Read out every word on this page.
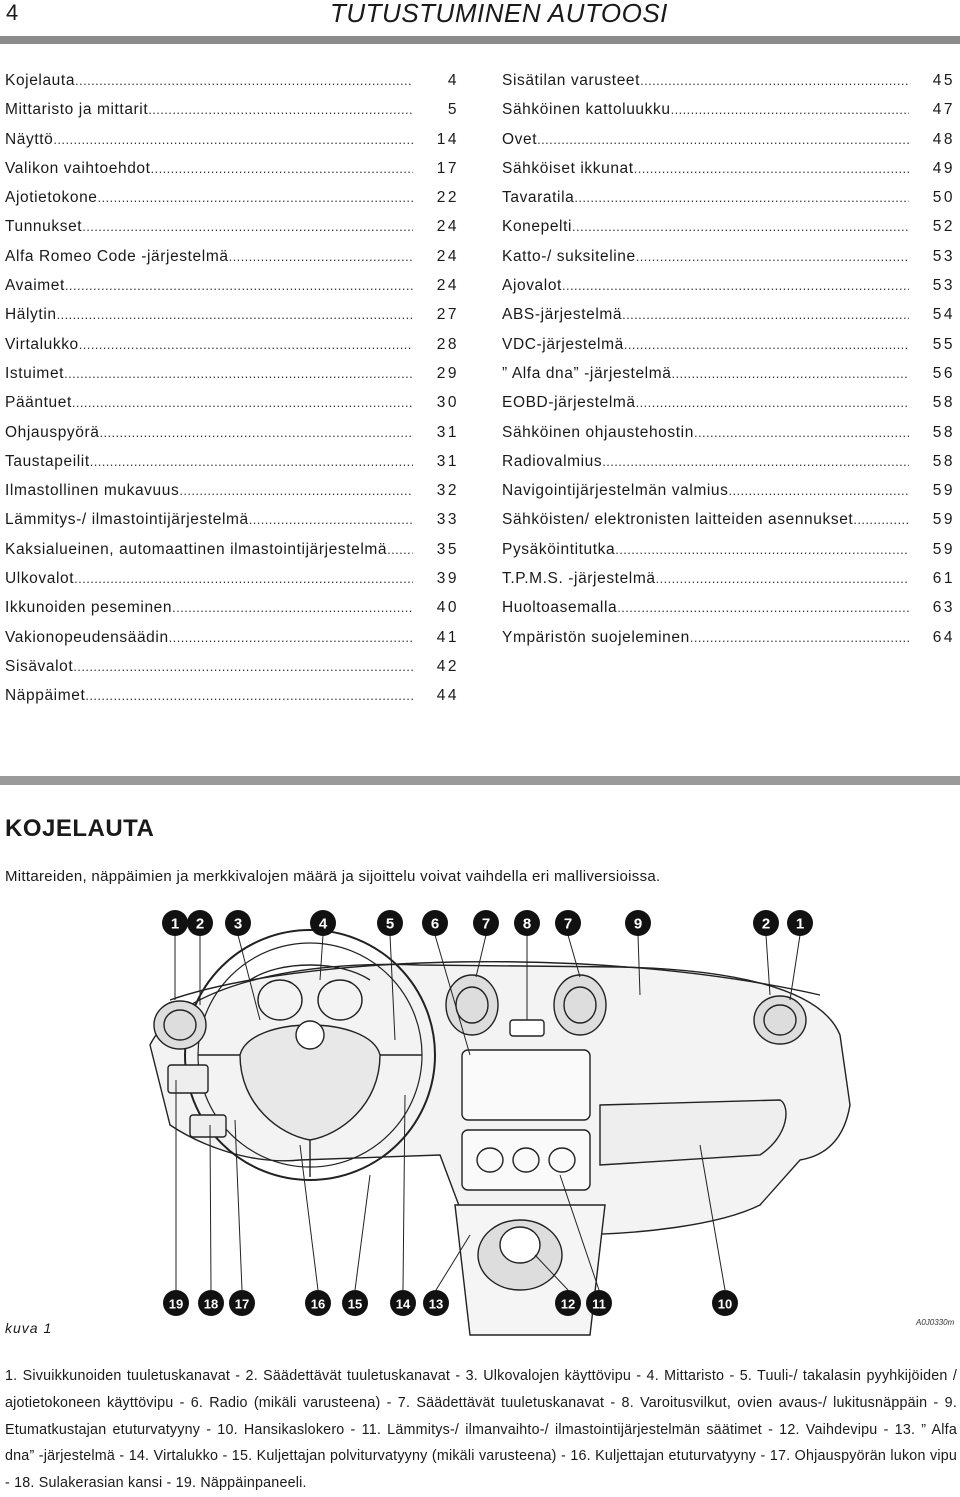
4	TUTUSTUMINEN AUTOOSI
Kojelauta .....	4
Mittaristo ja mittarit .....	5
Näyttö .....	14
Valikon vaihtoehdot .....	17
Ajotietokone .....	22
Tunnukset .....	24
Alfa Romeo Code -järjestelmä .....	24
Avaimet .....	24
Hälytin .....	27
Virtalukko .....	28
Istuimet .....	29
Pääntuet .....	30
Ohjauspyörä .....	31
Taustapeilit .....	31
Ilmastollinen mukavuus .....	32
Lämmitys-/ ilmastointijärjestelmä .....	33
Kaksialueinen, automaattinen ilmastointijärjestelmä .....	35
Ulkovalot .....	39
Ikkunoiden peseminen .....	40
Vakionopeudensäädin .....	41
Sisävalot .....	42
Näppäimet .....	44
Sisätilan varusteet .....	45
Sähköinen kattoluukku .....	47
Ovet .....	48
Sähköiset ikkunat .....	49
Tavaratila .....	50
Konepelti .....	52
Katto-/ suksiteline .....	53
Ajovalot .....	53
ABS-järjestelmä .....	54
VDC-järjestelmä .....	55
” Alfa dna” -järjestelmä .....	56
EOBD-järjestelmä .....	58
Sähköinen ohjaustehostin .....	58
Radiovalmius .....	58
Navigointijärjestelmän valmius .....	59
Sähköisten/ elektronisten laitteiden asennukset .....	59
Pysäköintitutka .....	59
T.P.M.S. -järjestelmä .....	61
Huoltoasemalla .....	63
Ympäristön suojeleminen .....	64
KOJELAUTA
Mittareiden, näppäimien ja merkkivalojen määrä ja sijoittelu voivat vaihdella eri malliversioissa.
1 2 3	4	5 6	7 8 7	9	2 1
19 18 17	16 15	14 13	12 11	10
kuva 1	A0J0330m
1. Sivuikkunoiden tuuletuskanavat - 2. Säädettävät tuuletuskanavat - 3. Ulkovalojen käyttövipu - 4. Mittaristo - 5. Tuuli-/ takalasin pyyhkijöiden / ajotietokoneen käyttövipu - 6. Radio (mikäli varusteena) - 7. Säädettävät tuuletuskanavat - 8. Varoitusvilkut, ovien avaus-/ lukitusnäppäin - 9. Etumatkustajan etuturvatyyny - 10. Hansikaslokero - 11. Lämmitys-/ ilmanvaihto-/ ilmastointijärjestelmän säätimet - 12. Vaihdevipu - 13. ” Alfa dna” -järjestelmä - 14. Virtalukko - 15. Kuljettajan polviturvatyyny (mikäli varusteena) - 16. Kuljettajan etuturvatyyny - 17. Ohjauspyörän lukon vipu - 18. Sulakerasian kansi - 19. Näppäinpaneeli.
